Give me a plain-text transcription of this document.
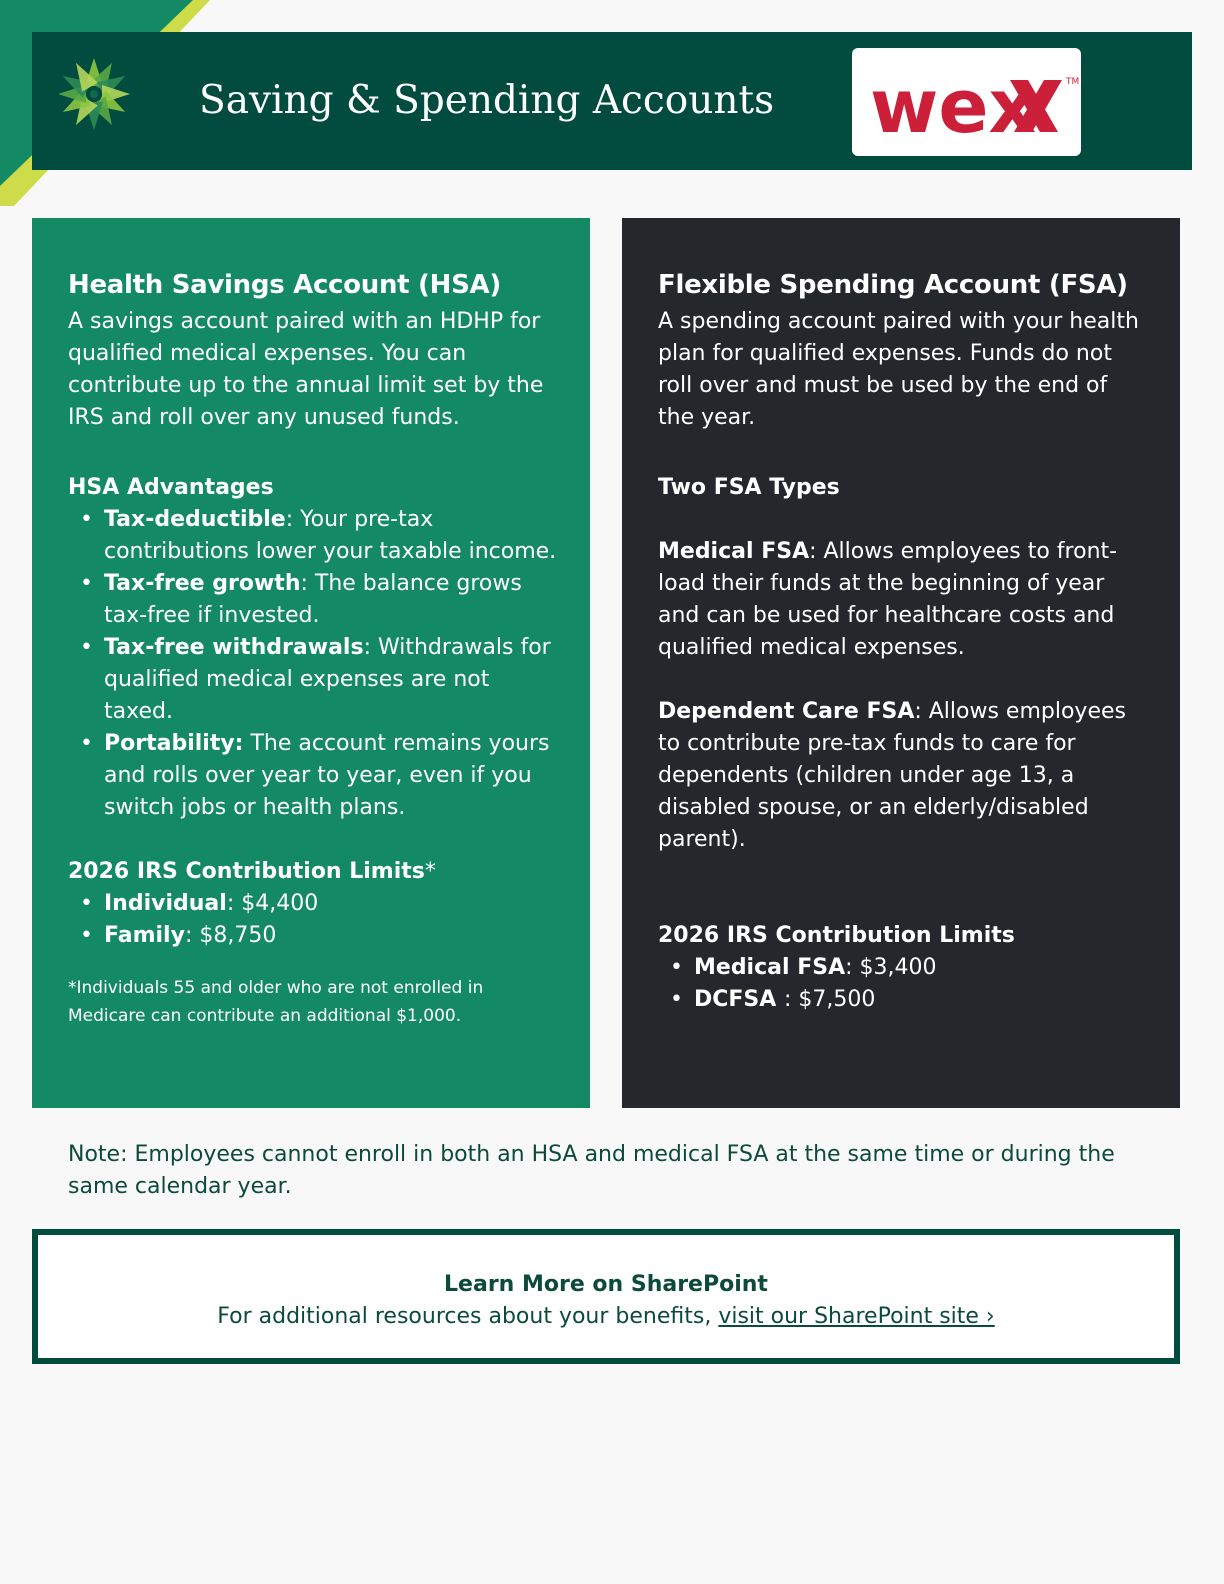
Saving & Spending Accounts wex	TM
Health Savings Account (HSA)

A savings account paired with an HDHP for qualified medical expenses. You can contribute up to the annual limit set by the IRS and roll over any unused funds.

HSA Advantages

• Tax-deductible: Your pre-tax contributions lower your taxable income.
• Tax-free growth: The balance grows tax-free if invested.
• Tax-free withdrawals: Withdrawals for qualified medical expenses are not taxed.
• Portability: The account remains yours and rolls over year to year, even if you switch jobs or health plans.

2026 IRS Contribution Limits*

• Individual: $4,400
• Family: $8,750

*Individuals 55 and older who are not enrolled in Medicare can contribute an additional $1,000.

Flexible Spending Account (FSA)

A spending account paired with your health plan for qualified expenses. Funds do not roll over and must be used by the end of the year.

Two FSA Types

Medical FSA: Allows employees to front-load their funds at the beginning of year and can be used for healthcare costs and qualified medical expenses.

Dependent Care FSA: Allows employees to contribute pre-tax funds to care for dependents (children under age 13, a disabled spouse, or an elderly/disabled parent).

2026 IRS Contribution Limits

• Medical FSA: $3,400
• DCFSA : $7,500

Note: Employees cannot enroll in both an HSA and medical FSA at the same time or during the same calendar year.

Learn More on SharePoint
For additional resources about your benefits, visit our SharePoint site ›
